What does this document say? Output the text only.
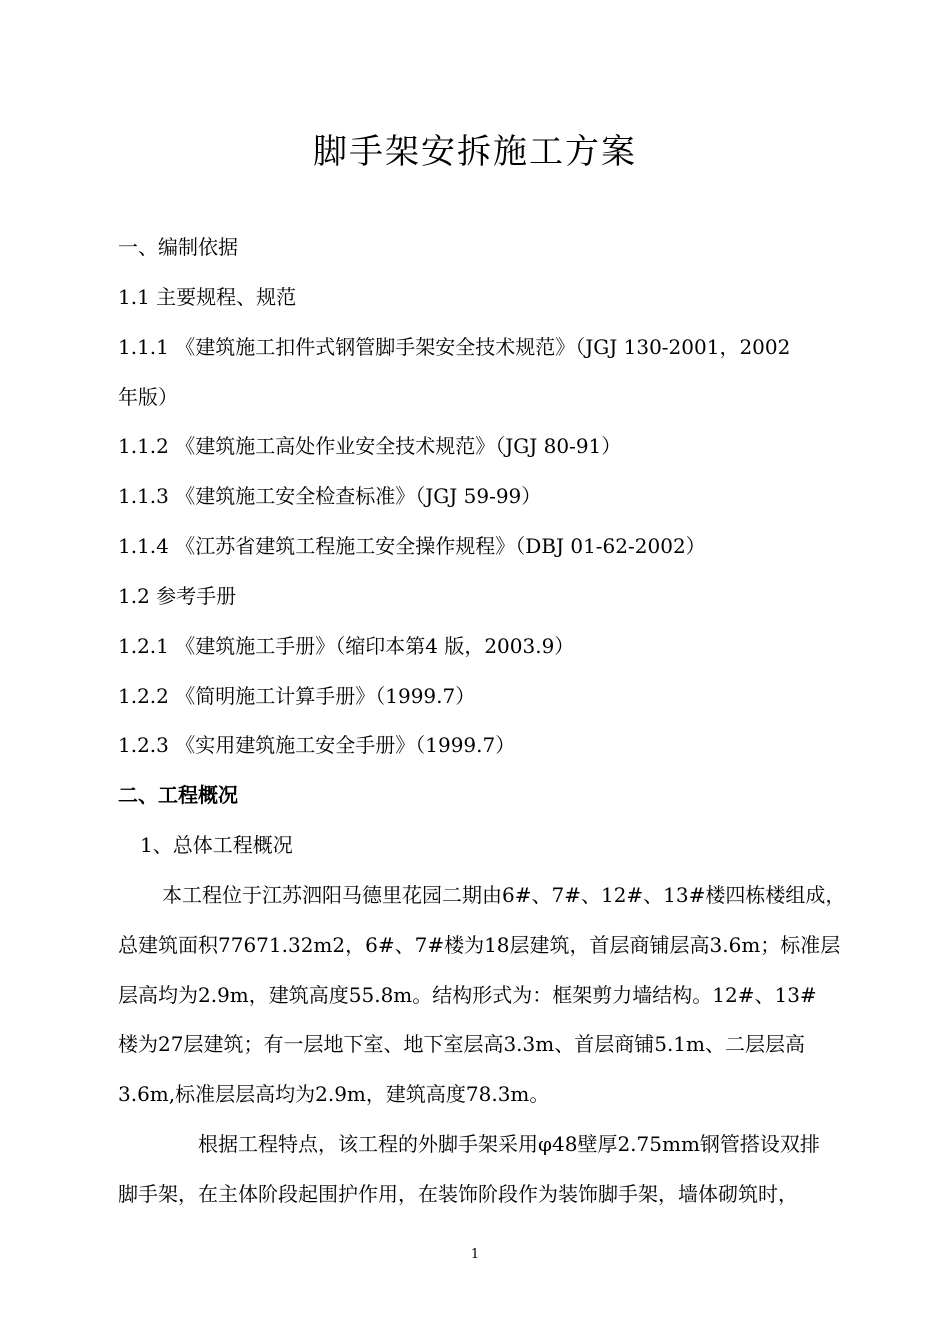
脚手架安拆施工方案
一、编制依据
1.1 主要规程、规范
1.1.1 《建筑施工扣件式钢管脚手架安全技术规范》（JGJ 130-2001，2002
年版）
1.1.2 《建筑施工高处作业安全技术规范》（JGJ 80-91）
1.1.3 《建筑施工安全检查标准》（JGJ 59-99）
1.1.4 《江苏省建筑工程施工安全操作规程》（DBJ 01-62-2002）
1.2 参考手册
1.2.1 《建筑施工手册》（缩印本第4 版，2003.9）
1.2.2 《简明施工计算手册》（1999.7）
1.2.3 《实用建筑施工安全手册》（1999.7）
二、工程概况
1、总体工程概况
本工程位于江苏泗阳马德里花园二期由6#、7#、12#、13#楼四栋楼组成，
总建筑面积77671.32m2，6#、7#楼为18层建筑，首层商铺层高3.6m；标准层
层高均为2.9m，建筑高度55.8m。结构形式为：框架剪力墙结构。12#、13#
楼为27层建筑；有一层地下室、地下室层高3.3m、首层商铺5.1m、二层层高
3.6m,标准层层高均为2.9m，建筑高度78.3m。
根据工程特点，该工程的外脚手架采用φ48壁厚2.75mm钢管搭设双排
脚手架，在主体阶段起围护作用，在装饰阶段作为装饰脚手架，墙体砌筑时，
1
